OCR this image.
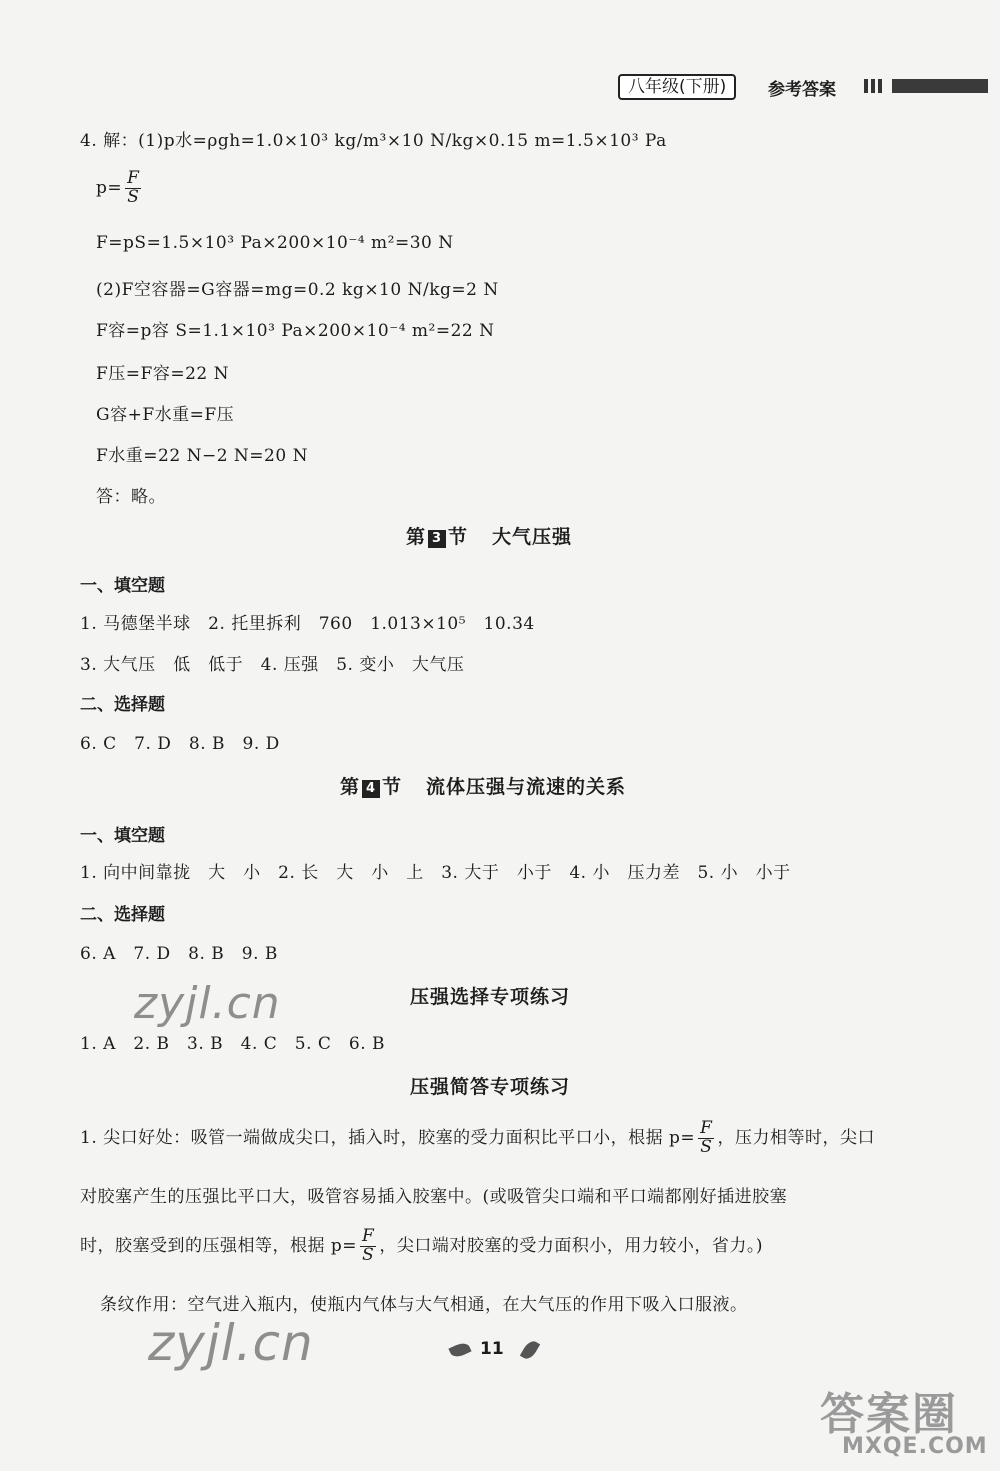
八年级(下册)	参考答案
4. 解：(1)p水=ρgh=1.0×10³ kg/m³×10 N/kg×0.15 m=1.5×10³ Pa
$p= \frac{F}{S}$
F=pS=1.5×10³ Pa×200×10⁻⁴ m²=30 N
(2)F空容器=G容器=mg=0.2 kg×10 N/kg=2 N
F容=p容 S=1.1×10³ Pa×200×10⁻⁴ m²=22 N
F压=F容=22 N
G容+F水重=F压
F水重=22 N−2 N=20 N
答：略。
第 3 节 大气压强
一、填空题
1. 马德堡半球　2. 托里拆利　760　1.013×10⁵　10.34
3. 大气压　低　低于　4. 压强　5. 变小　大气压
二、选择题
6. C　7. D　8. B　9. D
第 4 节 流体压强与流速的关系
一、填空题
1. 向中间靠拢　大　小　2. 长　大　小　上　3. 大于　小于　4. 小　压力差　5. 小　小于
二、选择题
6. A　7. D　8. B　9. B
压强选择专项练习
1. A　2. B　3. B　4. C　5. C　6. B
压强简答专项练习
1. 尖口好处：吸管一端做成尖口，插入时，胶塞的受力面积比平口小，根据 $p= \frac{F}{S}$ ，压力相等时，尖口
对胶塞产生的压强比平口大，吸管容易插入胶塞中。(或吸管尖口端和平口端都刚好插进胶塞
时，胶塞受到的压强相等，根据 $p= \frac{F}{S}$ ，尖口端对胶塞的受力面积小，用力较小，省力。)
条纹作用：空气进入瓶内，使瓶内气体与大气相通，在大气压的作用下吸入口服液。
zyjl.cn
zyjl.cn	11
答案圈
MXQE.COM
